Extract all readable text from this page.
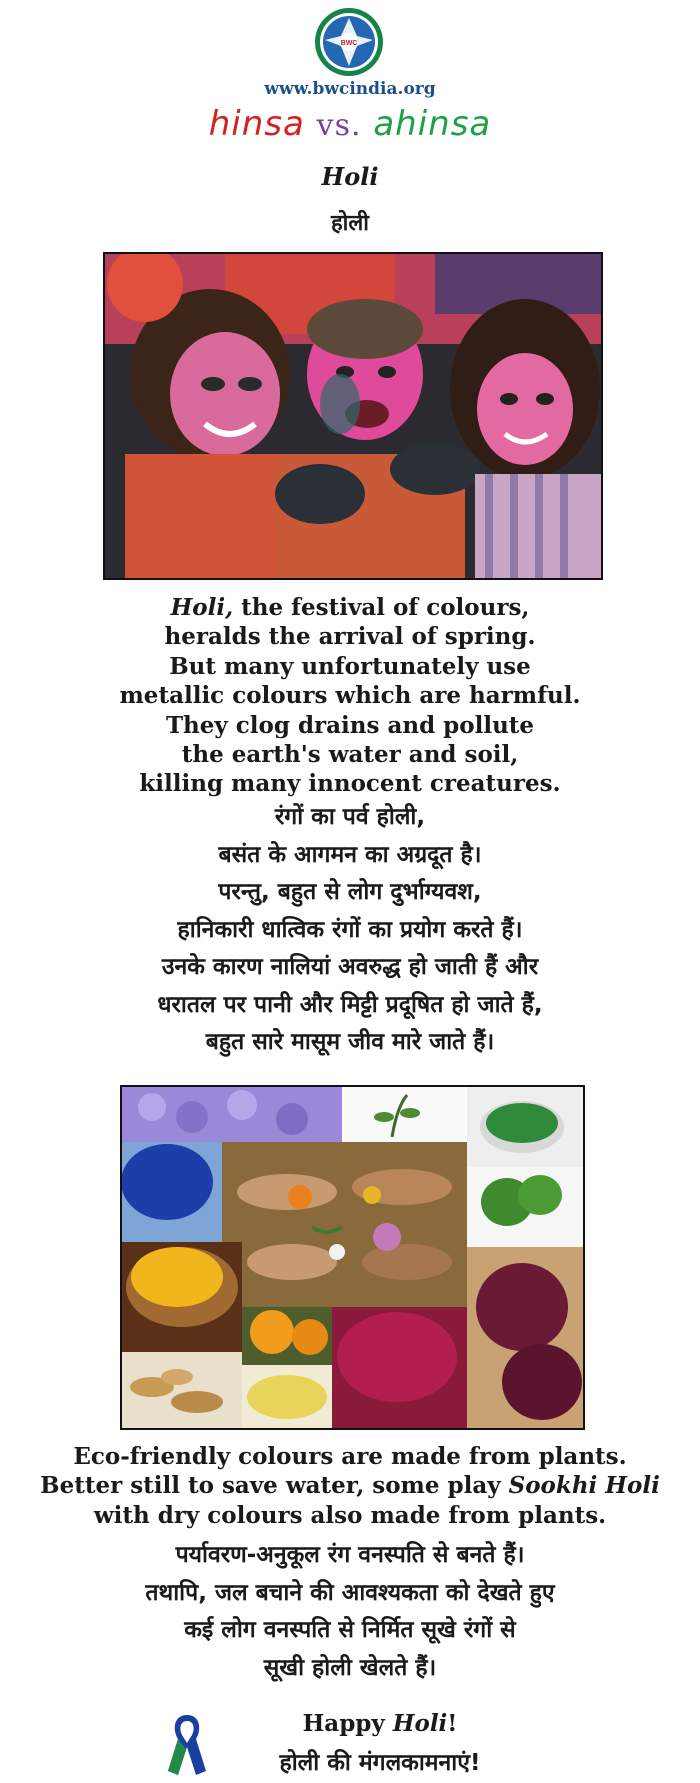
BWC
www.bwcindia.org
hinsa vs. ahinsa
Holi
होली
Holi, the festival of colours,
heralds the arrival of spring.
But many unfortunately use
metallic colours which are harmful.
They clog drains and pollute
the earth's water and soil,
killing many innocent creatures.
रंगों का पर्व होली,
बसंत के आगमन का अग्रदूत है।
परन्तु, बहुत से लोग दुर्भाग्यवश,
हानिकारी धात्विक रंगों का प्रयोग करते हैं।
उनके कारण नालियां अवरुद्ध हो जाती हैं और
धरातल पर पानी और मिट्टी प्रदूषित हो जाते हैं,
बहुत सारे मासूम जीव मारे जाते हैं।
Eco-friendly colours are made from plants.
Better still to save water, some play Sookhi Holi
with dry colours also made from plants.
पर्यावरण-अनुकूल रंग वनस्पति से बनते हैं।
तथापि, जल बचाने की आवश्यकता को देखते हुए
कई लोग वनस्पति से निर्मित सूखे रंगों से
सूखी होली खेलते हैं।
Happy Holi!
होली की मंगलकामनाएं!
